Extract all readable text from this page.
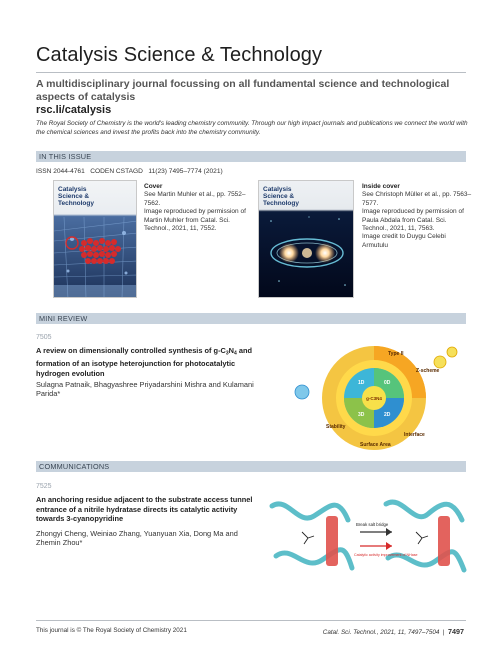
Catalysis Science & Technology
A multidisciplinary journal focussing on all fundamental science and technological aspects of catalysis
rsc.li/catalysis
The Royal Society of Chemistry is the world's leading chemistry community. Through our high impact journals and publications we connect the world with the chemical sciences and invest the profits back into the chemistry community.
IN THIS ISSUE
ISSN 2044-4761 CODEN CSTAGD 11(23) 7495–7774 (2021)
Catalysis
Science &
Technology
Cover
See Martin Muhler et al., pp. 7552–7562.
Image reproduced by permission of Martin Muhler from Catal. Sci. Technol., 2021, 11, 7552.
Catalysis
Science &
Technology
Inside cover
See Christoph Müller et al., pp. 7563–7577.
Image reproduced by permission of Paula Abdala from Catal. Sci. Technol., 2021, 11, 7563.
Image credit to Duygu Celebi Armutulu
MINI REVIEW
7505
A review on dimensionally controlled synthesis of $g-C_3N_4$ and formation of an isotype heterojunction for photocatalytic hydrogen evolution
Sulagna Patnaik, Bhagyashree Priyadarshini Mishra and Kulamani Parida*
g-C3N4
0D
2D
3D
1D
Type II
Z-scheme
Surface Area
Interface
Stability
COMMUNICATIONS
7525
An anchoring residue adjacent to the substrate access tunnel entrance of a nitrile hydratase directs its catalytic activity towards 3-cyanopyridine
Zhongyi Cheng, Weiniao Zhang, Yuanyuan Xia, Dong Ma and Zhemin Zhou*
Break salt bridge
Catalytic activity improvement of NHase
This journal is © The Royal Society of Chemistry 2021	Catal. Sci. Technol., 2021, 11, 7497–7504  |  7497
